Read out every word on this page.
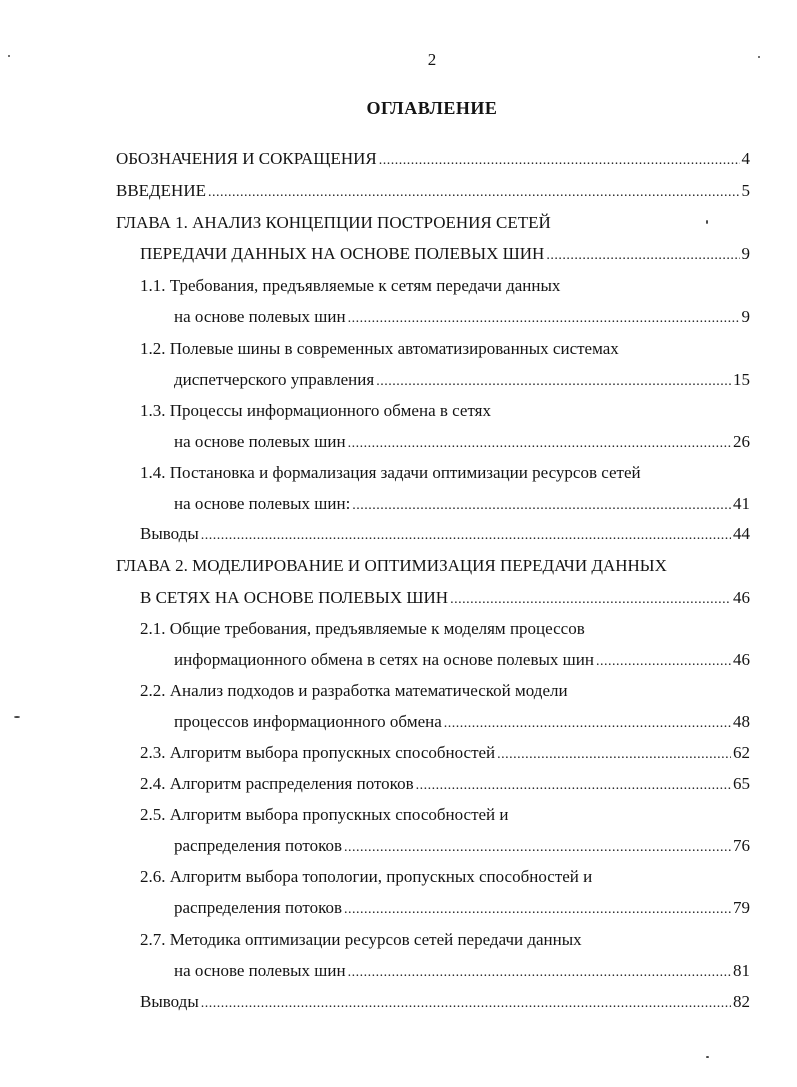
2
ОГЛАВЛЕНИЕ
ОБОЗНАЧЕНИЯ И СОКРАЩЕНИЯ .....	4
ВВЕДЕНИЕ .....	5
ГЛАВА 1. АНАЛИЗ КОНЦЕПЦИИ ПОСТРОЕНИЯ СЕТЕЙ
ПЕРЕДАЧИ ДАННЫХ НА ОСНОВЕ ПОЛЕВЫХ ШИН .....	9
1.1. Требования, предъявляемые к сетям передачи данных
на основе полевых шин .....	9
1.2. Полевые шины в современных автоматизированных системах
диспетчерского управления .....	15
1.3. Процессы информационного обмена в сетях
на основе полевых шин .....	26
1.4. Постановка и формализация задачи оптимизации ресурсов сетей
на основе полевых шин: .....	41
Выводы .....	44
ГЛАВА 2. МОДЕЛИРОВАНИЕ И ОПТИМИЗАЦИЯ ПЕРЕДАЧИ ДАННЫХ
В СЕТЯХ НА ОСНОВЕ ПОЛЕВЫХ ШИН .....	46
2.1. Общие требования, предъявляемые к моделям процессов
информационного обмена в сетях на основе полевых шин .....	46
2.2. Анализ подходов и разработка математической модели
процессов информационного обмена .....	48
2.3. Алгоритм выбора пропускных способностей .....	62
2.4. Алгоритм распределения потоков .....	65
2.5. Алгоритм выбора пропускных способностей и
распределения потоков .....	76
2.6. Алгоритм выбора топологии, пропускных способностей и
распределения потоков .....	79
2.7. Методика оптимизации ресурсов сетей передачи данных
на основе полевых шин .....	81
Выводы .....	82
